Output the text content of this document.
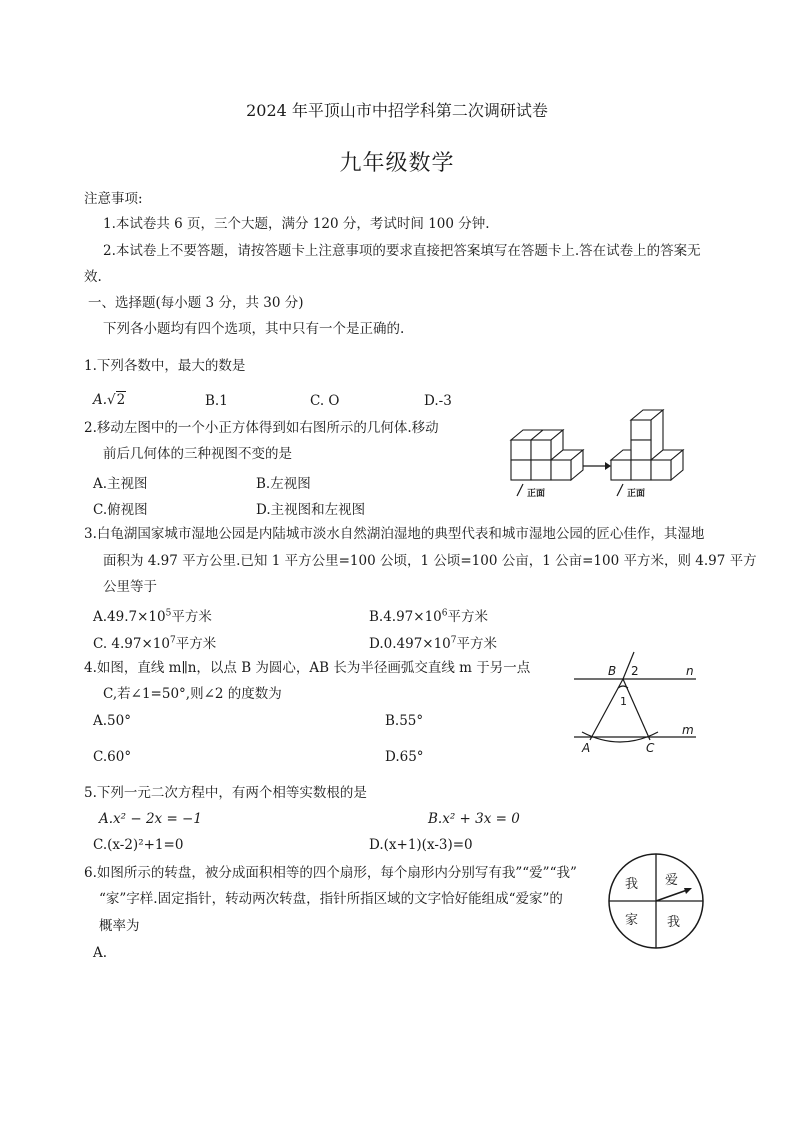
2024 年平顶山市中招学科第二次调研试卷
九年级数学
注意事项:
1.本试卷共 6 页，三个大题，满分 120 分，考试时间 100 分钟.
2.本试卷上不要答题，请按答题卡上注意事项的要求直接把答案填写在答题卡上.答在试卷上的答案无
效.
一、选择题(每小题 3 分，共 30 分)
下列各小题均有四个选项，其中只有一个是正确的.
1.下列各数中，最大的数是
A.√2	B.1	C. O	D.-3
2.移动左图中的一个小正方体得到如右图所示的几何体.移动
前后几何体的三种视图不变的是
A.主视图	B.左视图
C.俯视图	D.主视图和左视图
正面	正面
3.白龟湖国家城市湿地公园是内陆城市淡水自然湖泊湿地的典型代表和城市湿地公园的匠心佳作，其湿地
面积为 4.97 平方公里.已知 1 平方公里=100 公顷，1 公顷=100 公亩，1 公亩=100 平方米，则 4.97 平方
公里等于
$A.49.7\times 10^5$平方米	$B.4.97\times 10^6$平方米
C. $4.97\times 10^7$平方米	$D.0.497\times 10^7$平方米
4.如图，直线 m∥n，以点 B 为圆心，AB 长为半径画弧交直线 m 于另一点
C,若∠1=50°,则∠2 的度数为
A.50°	B.55°
C.60°	D.65°
B 2	n
1
m
A	C
5.下列一元二次方程中，有两个相等实数根的是
A.x² − 2x = −1	B.x² + 3x = 0
C.(x-2)²+1=0	D.(x+1)(x-3)=0
6.如图所示的转盘，被分成面积相等的四个扇形，每个扇形内分别写有我”“爱”“我”
“家”字样.固定指针，转动两次转盘，指针所指区域的文字恰好能组成“爱家”的
概率为
A.
我 爱
家 我
